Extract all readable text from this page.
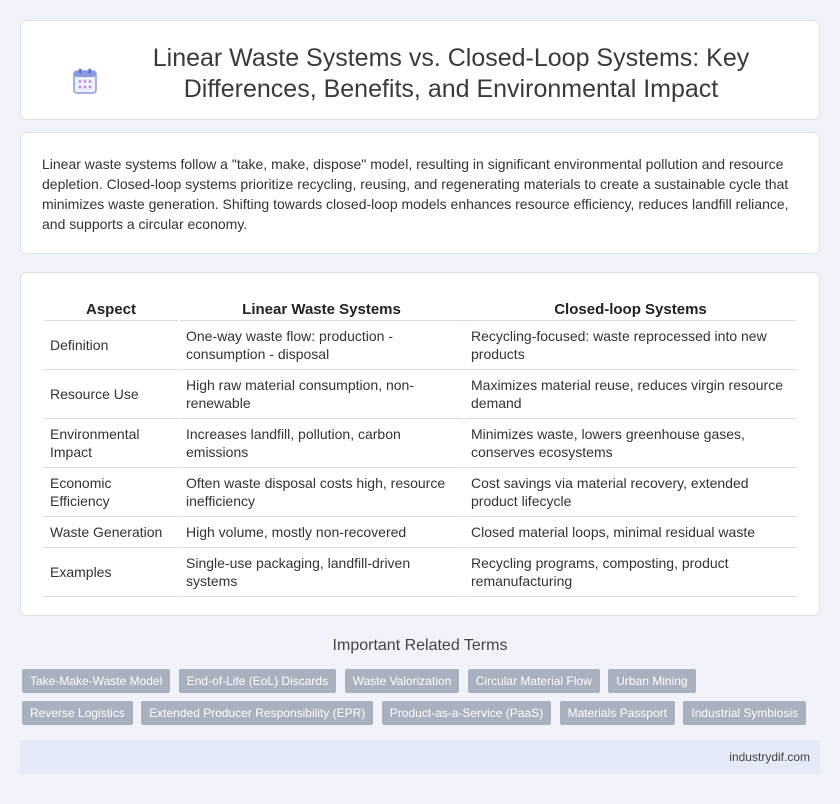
Linear Waste Systems vs. Closed-Loop Systems: Key Differences, Benefits, and Environmental Impact

Linear waste systems follow a "take, make, dispose" model, resulting in significant environmental pollution and resource depletion. Closed-loop systems prioritize recycling, reusing, and regenerating materials to create a sustainable cycle that minimizes waste generation. Shifting towards closed-loop models enhances resource efficiency, reduces landfill reliance, and supports a circular economy.

Aspect	Linear Waste Systems	Closed-loop Systems
Definition	One-way waste flow: production - consumption - disposal	Recycling-focused: waste reprocessed into new products
Resource Use	High raw material consumption, non-renewable	Maximizes material reuse, reduces virgin resource demand
Environmental Impact	Increases landfill, pollution, carbon emissions	Minimizes waste, lowers greenhouse gases, conserves ecosystems
Economic Efficiency	Often waste disposal costs high, resource inefficiency	Cost savings via material recovery, extended product lifecycle
Waste Generation	High volume, mostly non-recovered	Closed material loops, minimal residual waste
Examples	Single-use packaging, landfill-driven systems	Recycling programs, composting, product remanufacturing
Important Related Terms
Take-Make-Waste Model End-of-Life (EoL) Discards Waste Valorization Circular Material Flow Urban Mining Reverse Logistics Extended Producer Responsibility (EPR) Product-as-a-Service (PaaS) Materials Passport Industrial Symbiosis
industrydif.com
